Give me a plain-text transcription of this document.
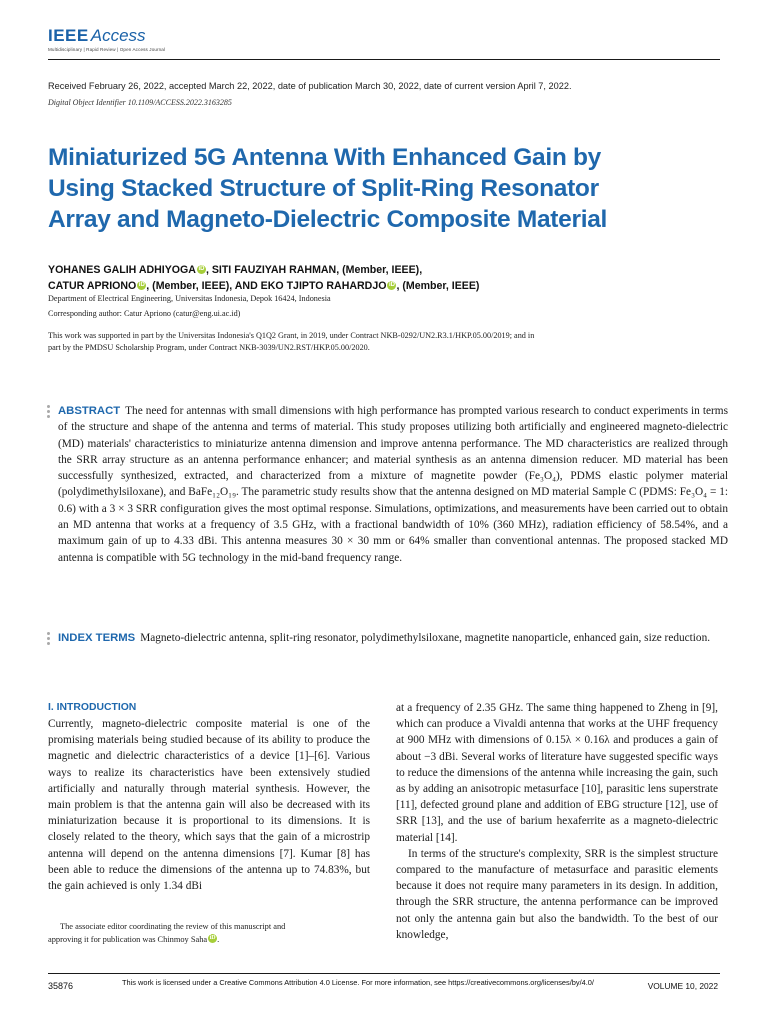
IEEE Access
Multidisciplinary | Rapid Review | Open Access Journal
Received February 26, 2022, accepted March 22, 2022, date of publication March 30, 2022, date of current version April 7, 2022.
Digital Object Identifier 10.1109/ACCESS.2022.3163285
Miniaturized 5G Antenna With Enhanced Gain by
Using Stacked Structure of Split-Ring Resonator
Array and Magneto-Dielectric Composite Material
YOHANES GALIH ADHIYOGA iD , SITI FAUZIYAH RAHMAN, (Member, IEEE),
CATUR APRIONO iD , (Member, IEEE), AND EKO TJIPTO RAHARDJO iD , (Member, IEEE)
Department of Electrical Engineering, Universitas Indonesia, Depok 16424, Indonesia
Corresponding author: Catur Apriono (catur@eng.ui.ac.id)
This work was supported in part by the Universitas Indonesia's Q1Q2 Grant, in 2019, under Contract NKB-0292/UN2.R3.1/HKP.05.00/2019; and in part by the PMDSU Scholarship Program, under Contract NKB-3039/UN2.RST/HKP.05.00/2020.
ABSTRACT The need for antennas with small dimensions with high performance has prompted various research to conduct experiments in terms of the structure and shape of the antenna and terms of material. This study proposes utilizing both artificially and engineered magneto-dielectric (MD) materials' characteristics to miniaturize antenna dimension and improve antenna performance. The MD characteristics are realized through the SRR array structure as an antenna performance enhancer; and material synthesis as an antenna dimension reducer. MD material has been successfully synthesized, extracted, and characterized from a mixture of magnetite powder (Fe₃O₄), PDMS elastic polymer material (polydimethylsiloxane), and BaFe₁₂O₁₉. The parametric study results show that the antenna designed on MD material Sample C (PDMS: Fe₃O₄ = 1: 0.6) with a 3 × 3 SRR configuration gives the most optimal response. Simulations, optimizations, and measurements have been carried out to obtain an MD antenna that works at a frequency of 3.5 GHz, with a fractional bandwidth of 10% (360 MHz), radiation efficiency of 58.54%, and a maximum gain of up to 4.33 dBi. This antenna measures 30 × 30 mm or 64% smaller than conventional antennas. The proposed stacked MD antenna is compatible with 5G technology in the mid-band frequency range.
INDEX TERMS Magneto-dielectric antenna, split-ring resonator, polydimethylsiloxane, magnetite nanoparticle, enhanced gain, size reduction.
I. INTRODUCTION

Currently, magneto-dielectric composite material is one of the promising materials being studied because of its ability to produce the magnetic and dielectric characteristics of a device [1]–[6]. Various ways to realize its characteristics have been extensively studied artificially and naturally through material synthesis. However, the main problem is that the antenna gain will also be decreased with its miniaturization because it is proportional to its dimensions. It is closely related to the theory, which says that the gain of a microstrip antenna will depend on the antenna dimensions [7]. Kumar [8] has been able to reduce the dimensions of the antenna up to 74.83%, but the gain achieved is only 1.34 dBi

at a frequency of 2.35 GHz. The same thing happened to Zheng in [9], which can produce a Vivaldi antenna that works at the UHF frequency at 900 MHz with dimensions of 0.15λ × 0.16λ and produces a gain of about −3 dBi. Several works of literature have suggested specific ways to reduce the dimensions of the antenna while increasing the gain, such as by adding an anisotropic metasurface [10], parasitic lens superstrate [11], defected ground plane and addition of EBG structure [12], use of SRR [13], and the use of barium hexaferrite as a magneto-dielectric material [14].

In terms of the structure's complexity, SRR is the simplest structure compared to the manufacture of metasurface and parasitic elements because it does not require many parameters in its design. In addition, through the SRR structure, the antenna performance can be improved not only the antenna gain but also the bandwidth. To the best of our knowledge,

The associate editor coordinating the review of this manuscript and
approving it for publication was Chinmoy Saha iD .
35876	This work is licensed under a Creative Commons Attribution 4.0 License. For more information, see https://creativecommons.org/licenses/by/4.0/	VOLUME 10, 2022
